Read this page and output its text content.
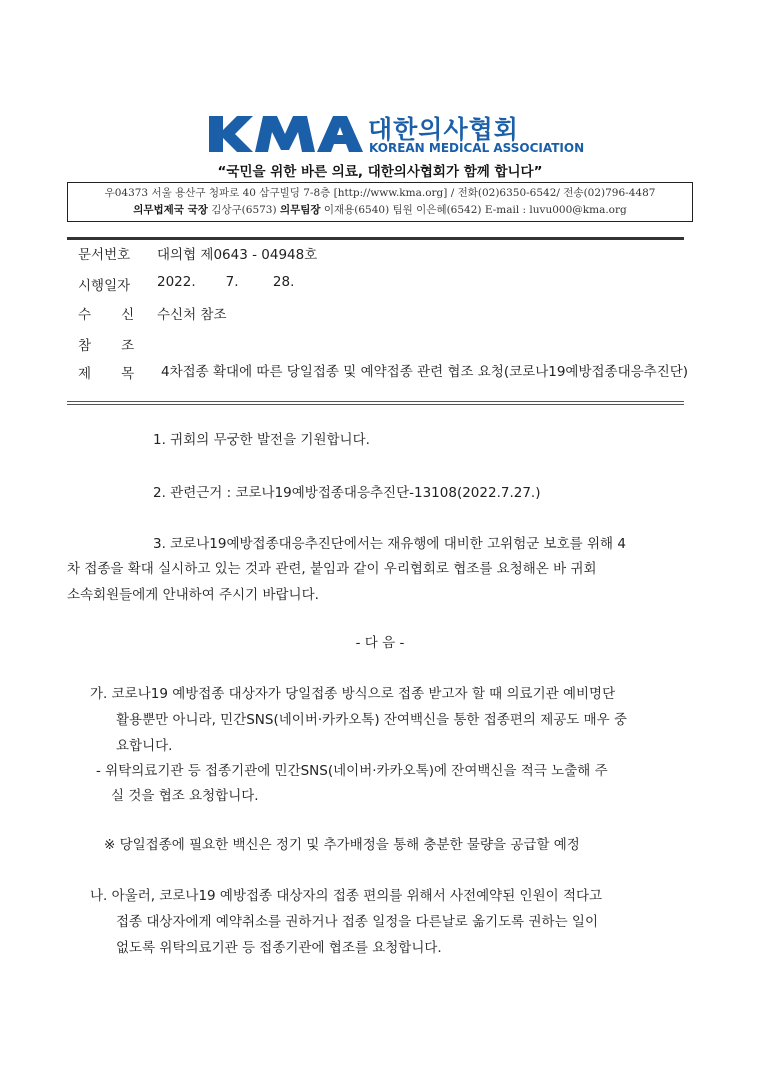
대한의사협회
KOREAN MEDICAL ASSOCIATION
“국민을 위한 바른 의료, 대한의사협회가 함께 합니다”
우04373 서울 용산구 청파로 40 삼구빌딩 7-8층 [http://www.kma.org] / 전화(02)6350-6542/ 전송(02)796-4487
의무법제국 국장 김상구(6573) 의무팀장 이재용(6540) 팀원 이은혜(6542) E-mail : luvu000@kma.org
문서번호	대의협 제0643 - 04948호
시행일자	2022.       7.        28.
수       신	수신처 참조
참       조
제       목	4차접종 확대에 따른 당일접종 및 예약접종 관련 협조 요청(코로나19예방접종대응추진단)
1. 귀회의 무궁한 발전을 기원합니다.
2. 관련근거 : 코로나19예방접종대응추진단-13108(2022.7.27.)
3. 코로나19예방접종대응추진단에서는 재유행에 대비한 고위험군 보호를 위해 4
차 접종을 확대 실시하고 있는 것과 관련, 붙임과 같이 우리협회로 협조를 요청해온 바 귀회
소속회원들에게 안내하여 주시기 바랍니다.
- 다 음 -
가. 코로나19 예방접종 대상자가 당일접종 방식으로 접종 받고자 할 때 의료기관 예비명단
활용뿐만 아니라, 민간SNS(네이버·카카오톡) 잔여백신을 통한 접종편의 제공도 매우 중
요합니다.
- 위탁의료기관 등 접종기관에 민간SNS(네이버·카카오톡)에 잔여백신을 적극 노출해 주
실 것을 협조 요청합니다.
※ 당일접종에 필요한 백신은 정기 및 추가배정을 통해 충분한 물량을 공급할 예정
나. 아울러, 코로나19 예방접종 대상자의 접종 편의를 위해서 사전예약된 인원이 적다고
접종 대상자에게 예약취소를 권하거나 접종 일정을 다른날로 옮기도록 권하는 일이
없도록 위탁의료기관 등 접종기관에 협조를 요청합니다.
